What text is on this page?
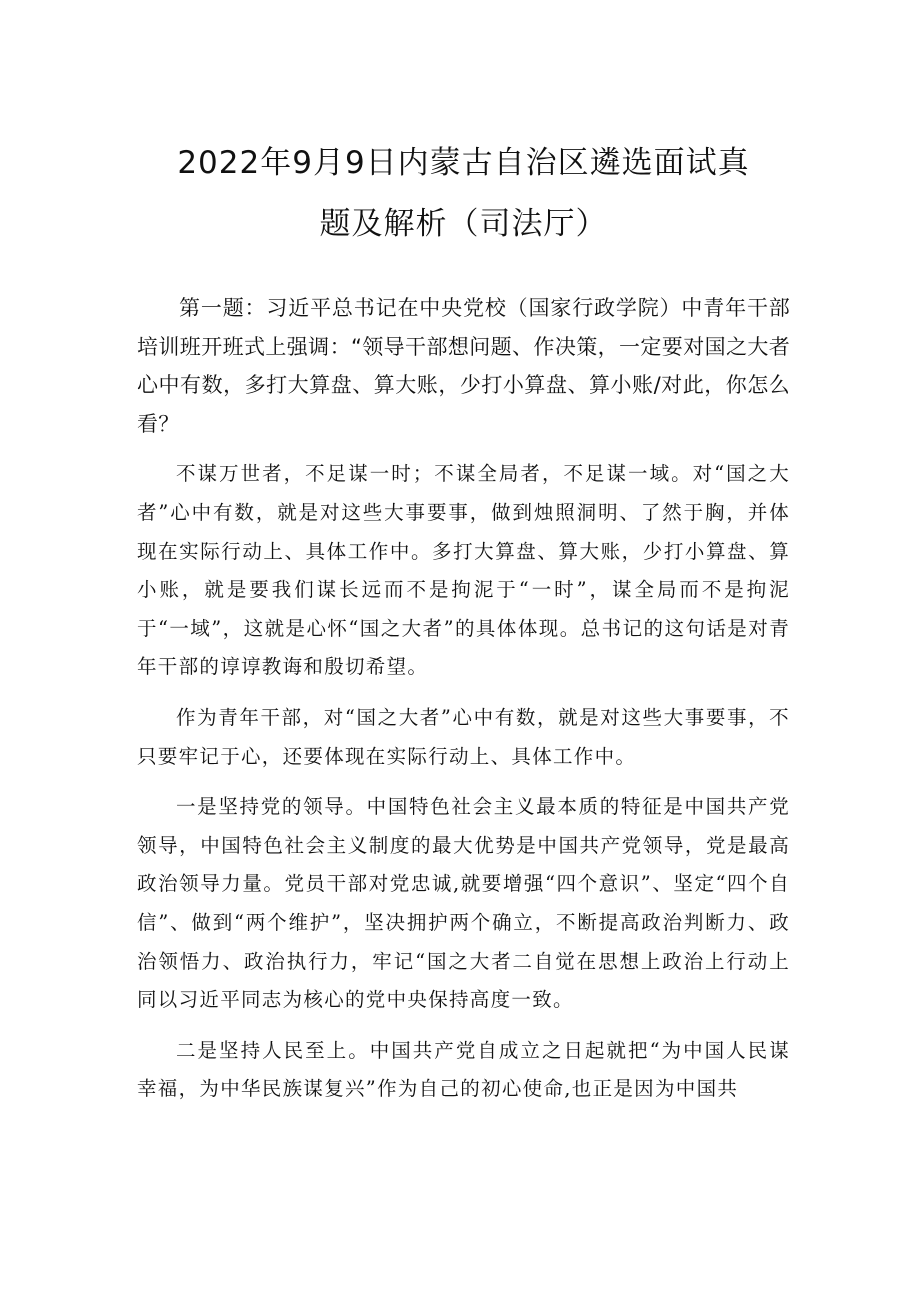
2022年9月9日内蒙古自治区遴选面试真
题及解析（司法厅）

第一题：习近平总书记在中央党校（国家行政学院）中青年干部培训班开班式上强调：“领导干部想问题、作决策，一定要对国之大者心中有数，多打大算盘、算大账，少打小算盘、算小账/对此，你怎么看？

不谋万世者，不足谋一时；不谋全局者，不足谋一域。对“国之大者”心中有数，就是对这些大事要事，做到烛照洞明、了然于胸，并体现在实际行动上、具体工作中。多打大算盘、算大账，少打小算盘、算小账，就是要我们谋长远而不是拘泥于“一时”，谋全局而不是拘泥于“一域”，这就是心怀“国之大者”的具体体现。总书记的这句话是对青年干部的谆谆教诲和殷切希望。

作为青年干部，对“国之大者”心中有数，就是对这些大事要事，不只要牢记于心，还要体现在实际行动上、具体工作中。

一是坚持党的领导。中国特色社会主义最本质的特征是中国共产党领导，中国特色社会主义制度的最大优势是中国共产党领导，党是最高政治领导力量。党员干部对党忠诚,就要增强“四个意识”、坚定“四个自信”、做到“两个维护”，坚决拥护两个确立，不断提高政治判断力、政治领悟力、政治执行力，牢记“国之大者二自觉在思想上政治上行动上同以习近平同志为核心的党中央保持高度一致。

二是坚持人民至上。中国共产党自成立之日起就把“为中国人民谋幸福，为中华民族谋复兴”作为自己的初心使命,也正是因为中国共
